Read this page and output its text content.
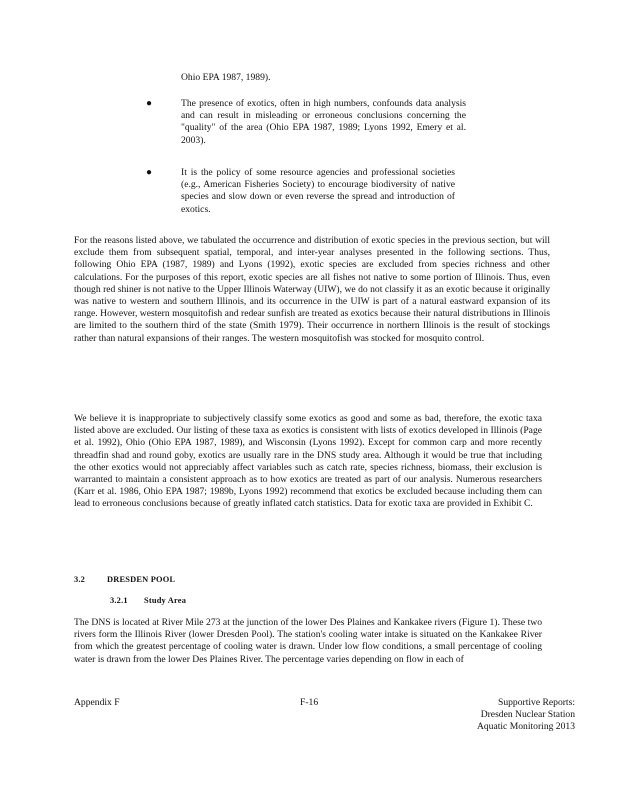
Ohio EPA 1987, 1989).

●	The presence of exotics, often in high numbers, confounds data analysis and can result in misleading or erroneous conclusions concerning the "quality" of the area (Ohio EPA 1987, 1989; Lyons 1992, Emery et al. 2003).

●	It is the policy of some resource agencies and professional societies (e.g., American Fisheries Society) to encourage biodiversity of native species and slow down or even reverse the spread and introduction of exotics.

For the reasons listed above, we tabulated the occurrence and distribution of exotic species in the previous section, but will exclude them from subsequent spatial, temporal, and inter-year analyses presented in the following sections. Thus, following Ohio EPA (1987, 1989) and Lyons (1992), exotic species are excluded from species richness and other calculations. For the purposes of this report, exotic species are all fishes not native to some portion of Illinois. Thus, even though red shiner is not native to the Upper Illinois Waterway (UIW), we do not classify it as an exotic because it originally was native to western and southern Illinois, and its occurrence in the UIW is part of a natural eastward expansion of its range. However, western mosquitofish and redear sunfish are treated as exotics because their natural distributions in Illinois are limited to the southern third of the state (Smith 1979). Their occurrence in northern Illinois is the result of stockings rather than natural expansions of their ranges. The western mosquitofish was stocked for mosquito control.

We believe it is inappropriate to subjectively classify some exotics as good and some as bad, therefore, the exotic taxa listed above are excluded. Our listing of these taxa as exotics is consistent with lists of exotics developed in Illinois (Page et al. 1992), Ohio (Ohio EPA 1987, 1989), and Wisconsin (Lyons 1992). Except for common carp and more recently threadfin shad and round goby, exotics are usually rare in the DNS study area. Although it would be true that including the other exotics would not appreciably affect variables such as catch rate, species richness, biomass, their exclusion is warranted to maintain a consistent approach as to how exotics are treated as part of our analysis. Numerous researchers (Karr et al. 1986, Ohio EPA 1987; 1989b, Lyons 1992) recommend that exotics be excluded because including them can lead to erroneous conclusions because of greatly inflated catch statistics. Data for exotic taxa are provided in Exhibit C.

3.2	DRESDEN POOL
3.2.1 Study Area

The DNS is located at River Mile 273 at the junction of the lower Des Plaines and Kankakee rivers (Figure 1). These two rivers form the Illinois River (lower Dresden Pool). The station's cooling water intake is situated on the Kankakee River from which the greatest percentage of cooling water is drawn. Under low flow conditions, a small percentage of cooling water is drawn from the lower Des Plaines River. The percentage varies depending on flow in each of

Appendix F	F-16	Supportive Reports:
Dresden Nuclear Station
Aquatic Monitoring 2013
